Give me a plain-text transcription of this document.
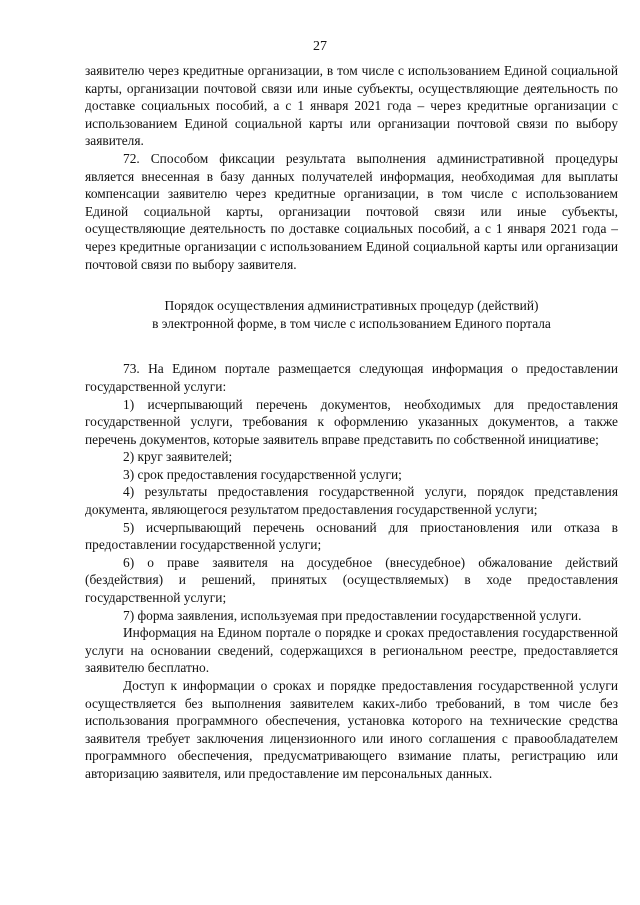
27

заявителю через кредитные организации, в том числе с использованием Единой социальной карты, организации почтовой связи или иные субъекты, осуществляющие деятельность по доставке социальных пособий, а с 1 января 2021 года – через кредитные организации с использованием Единой социальной карты или организации почтовой связи по выбору заявителя.

72. Способом фиксации результата выполнения административной процедуры является внесенная в базу данных получателей информация, необходимая для выплаты компенсации заявителю через кредитные организации, в том числе с использованием Единой социальной карты, организации почтовой связи или иные субъекты, осуществляющие деятельность по доставке социальных пособий, а с 1 января 2021 года – через кредитные организации с использованием Единой социальной карты или организации почтовой связи по выбору заявителя.

Порядок осуществления административных процедур (действий)
в электронной форме, в том числе с использованием Единого портала

73. На Едином портале размещается следующая информация о предоставлении государственной услуги:

1) исчерпывающий перечень документов, необходимых для предоставления государственной услуги, требования к оформлению указанных документов, а также перечень документов, которые заявитель вправе представить по собственной инициативе;

2) круг заявителей;

3) срок предоставления государственной услуги;

4) результаты предоставления государственной услуги, порядок представления документа, являющегося результатом предоставления государственной услуги;

5) исчерпывающий перечень оснований для приостановления или отказа в предоставлении государственной услуги;

6) о праве заявителя на досудебное (внесудебное) обжалование действий (бездействия) и решений, принятых (осуществляемых) в ходе предоставления государственной услуги;

7) форма заявления, используемая при предоставлении государственной услуги.

Информация на Едином портале о порядке и сроках предоставления государственной услуги на основании сведений, содержащихся в региональном реестре, предоставляется заявителю бесплатно.

Доступ к информации о сроках и порядке предоставления государственной услуги осуществляется без выполнения заявителем каких-либо требований, в том числе без использования программного обеспечения, установка которого на технические средства заявителя требует заключения лицензионного или иного соглашения с правообладателем программного обеспечения, предусматривающего взимание платы, регистрацию или авторизацию заявителя, или предоставление им персональных данных.
